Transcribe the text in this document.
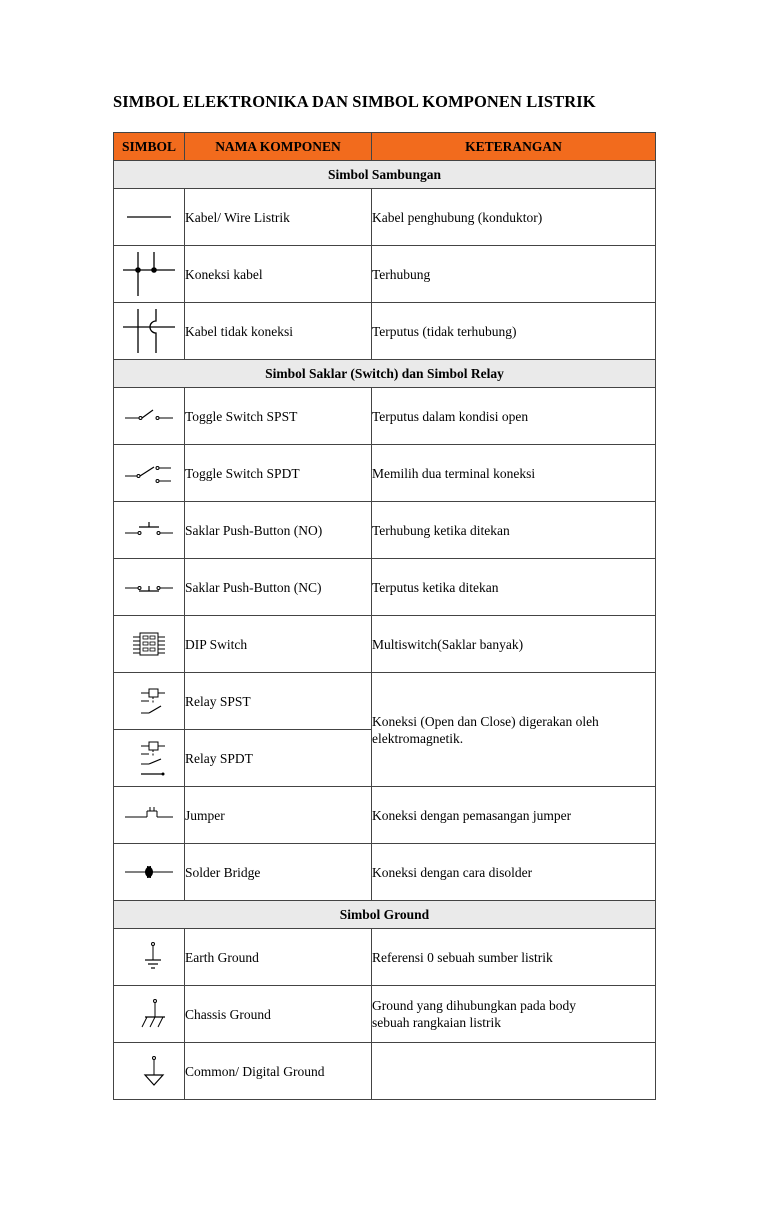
SIMBOL ELEKTRONIKA DAN SIMBOL KOMPONEN LISTRIK
SIMBOL	NAMA KOMPONEN	KETERANGAN
Simbol Sambungan		

	Kabel/ Wire Listrik	Kabel penghubung (konduktor)

	Koneksi kabel	Terhubung

	Kabel tidak koneksi	Terputus (tidak terhubung)
Simbol Saklar (Switch) dan Simbol Relay		

	Toggle Switch SPST	Terputus dalam kondisi open

	Toggle Switch SPDT	Memilih dua terminal koneksi

	Saklar Push-Button (NO)	Terhubung ketika ditekan

	Saklar Push-Button (NC)	Terputus ketika ditekan

	DIP Switch	Multiswitch(Saklar banyak)

	Relay SPST	Koneksi (Open dan Close) digerakan oleh
elektromagnetik.

	Relay SPDT	

	Jumper	Koneksi dengan pemasangan jumper

	Solder Bridge	Koneksi dengan cara disolder
Simbol Ground		

	Earth Ground	Referensi 0 sebuah sumber listrik

	Chassis Ground	Ground yang dihubungkan pada body
sebuah rangkaian listrik

	Common/ Digital Ground	
